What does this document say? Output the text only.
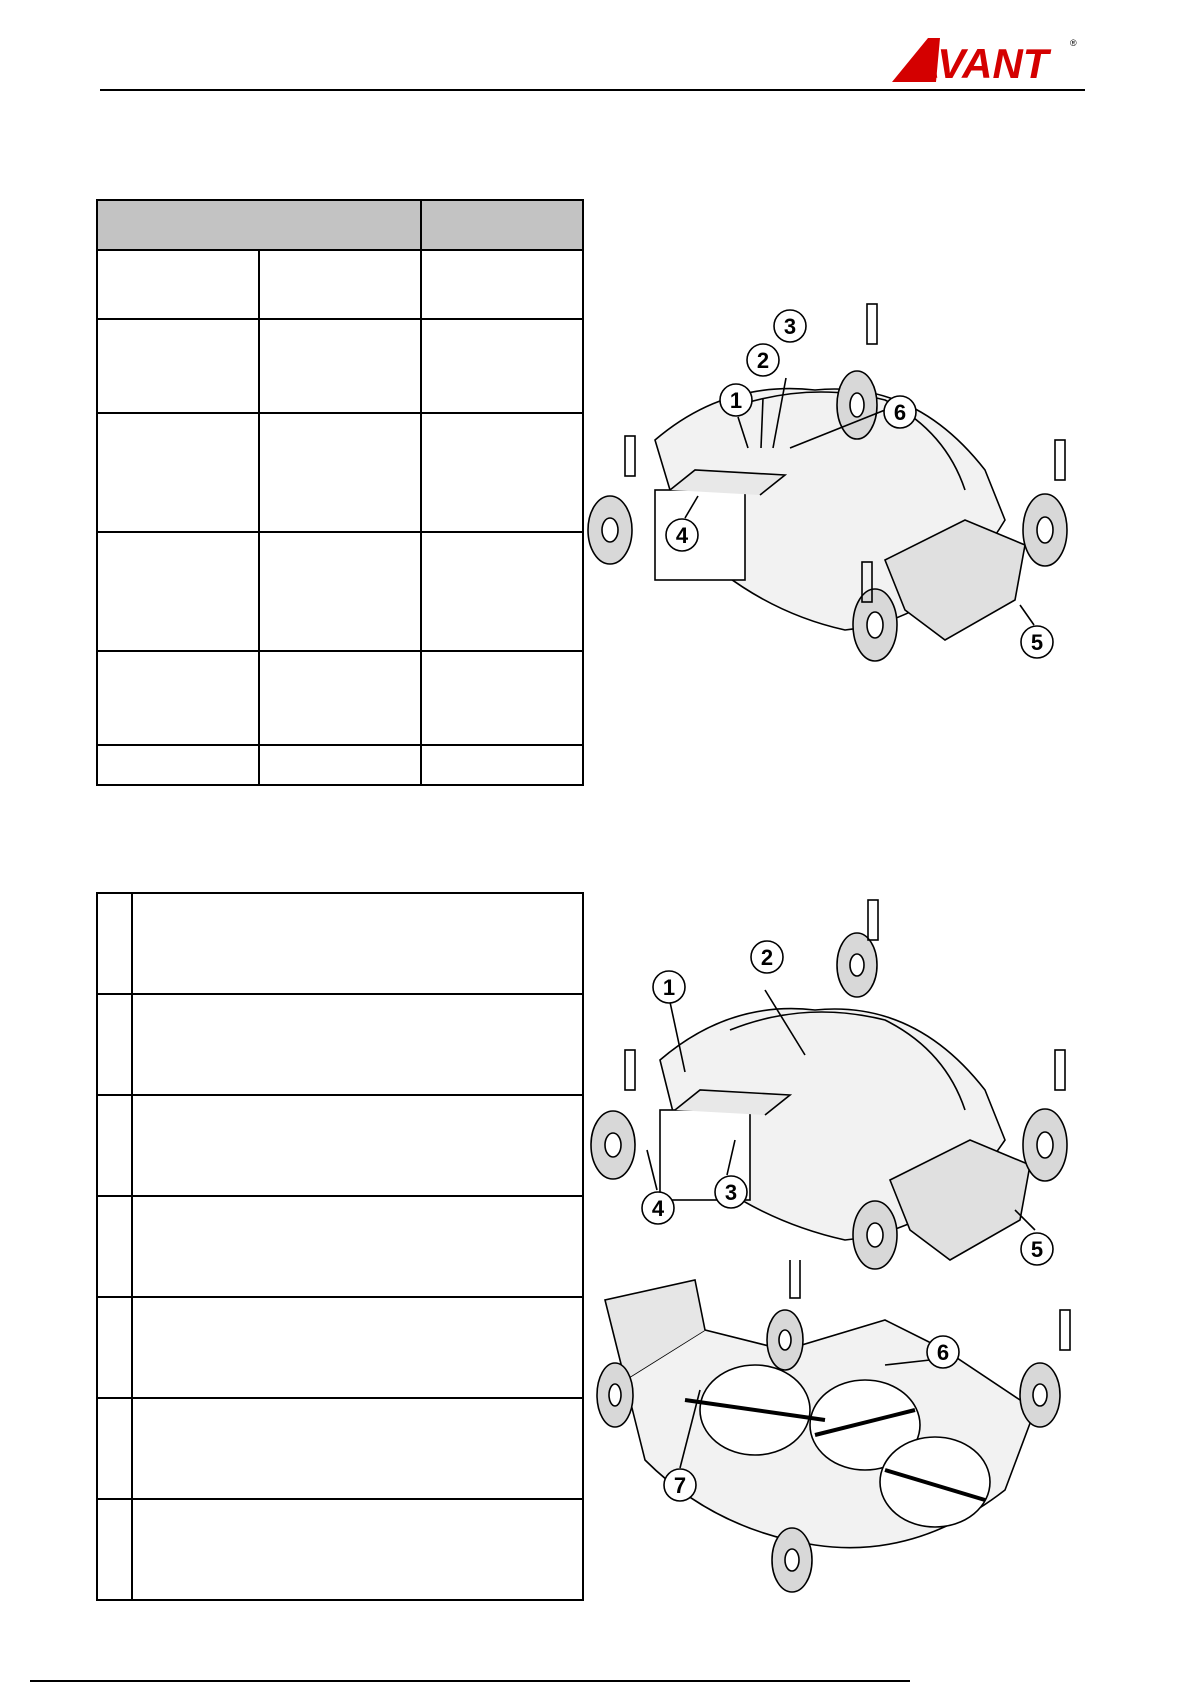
AVANT	®

1
2
3
4
5
6
1
2
3
4
5
6
7
